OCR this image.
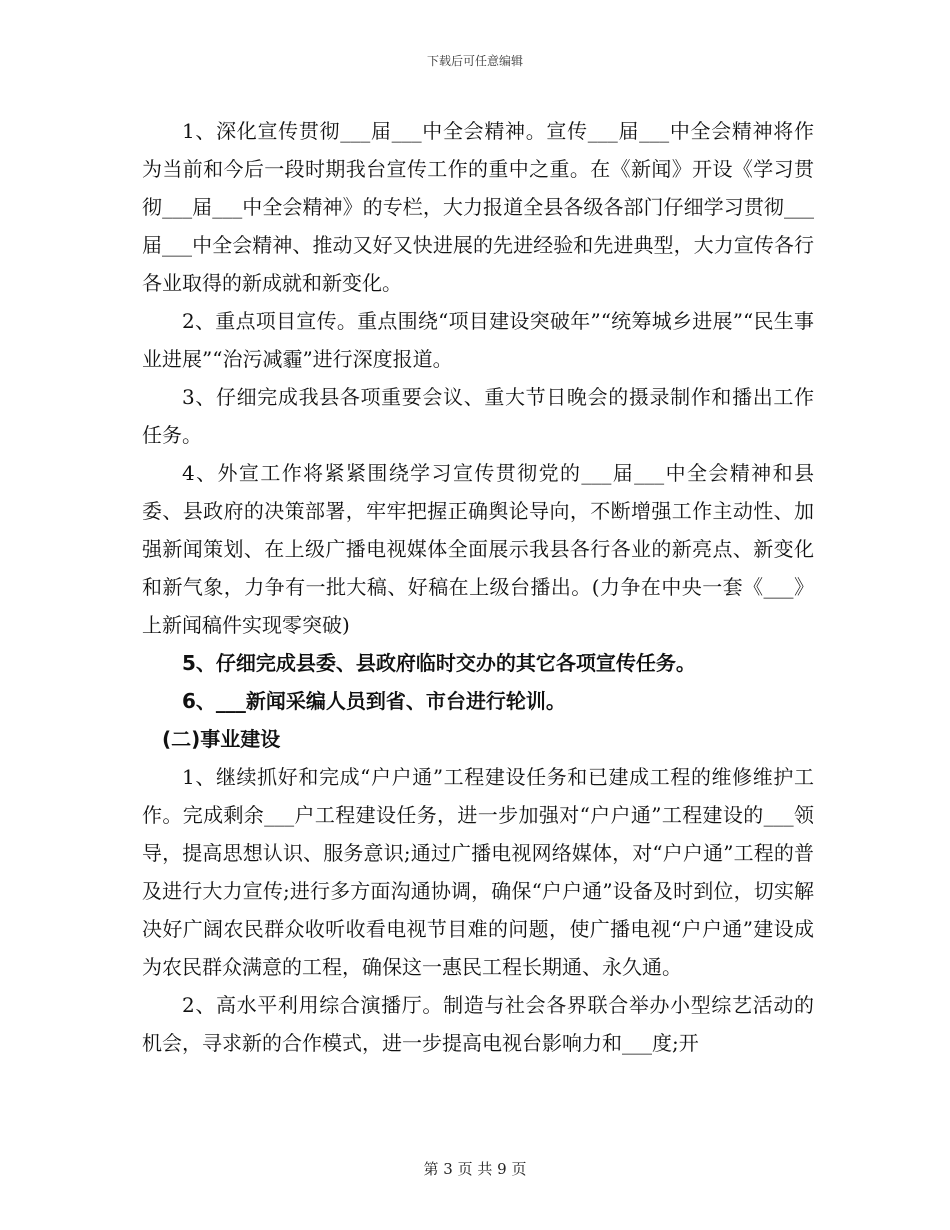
下载后可任意编辑

1、深化宣传贯彻___届___中全会精神。宣传___届___中全会精神将作为当前和今后一段时期我台宣传工作的重中之重。在《新闻》开设《学习贯彻___届___中全会精神》的专栏，大力报道全县各级各部门仔细学习贯彻___届___中全会精神、推动又好又快进展的先进经验和先进典型，大力宣传各行各业取得的新成就和新变化。

2、重点项目宣传。重点围绕“项目建设突破年”“统筹城乡进展”“民生事业进展”“治污减霾”进行深度报道。

3、仔细完成我县各项重要会议、重大节日晚会的摄录制作和播出工作任务。

4、外宣工作将紧紧围绕学习宣传贯彻党的___届___中全会精神和县委、县政府的决策部署，牢牢把握正确舆论导向，不断增强工作主动性、加强新闻策划、在上级广播电视媒体全面展示我县各行各业的新亮点、新变化和新气象，力争有一批大稿、好稿在上级台播出。(力争在中央一套《___》上新闻稿件实现零突破)

5、仔细完成县委、县政府临时交办的其它各项宣传任务。

6、___新闻采编人员到省、市台进行轮训。

(二)事业建设

1、继续抓好和完成“户户通”工程建设任务和已建成工程的维修维护工作。完成剩余___户工程建设任务，进一步加强对“户户通”工程建设的___领导，提高思想认识、服务意识;通过广播电视网络媒体，对“户户通”工程的普及进行大力宣传;进行多方面沟通协调，确保“户户通”设备及时到位，切实解决好广阔农民群众收听收看电视节目难的问题，使广播电视“户户通”建设成为农民群众满意的工程，确保这一惠民工程长期通、永久通。

2、高水平利用综合演播厅。制造与社会各界联合举办小型综艺活动的机会，寻求新的合作模式，进一步提高电视台影响力和___度;开

第 3 页 共 9 页
